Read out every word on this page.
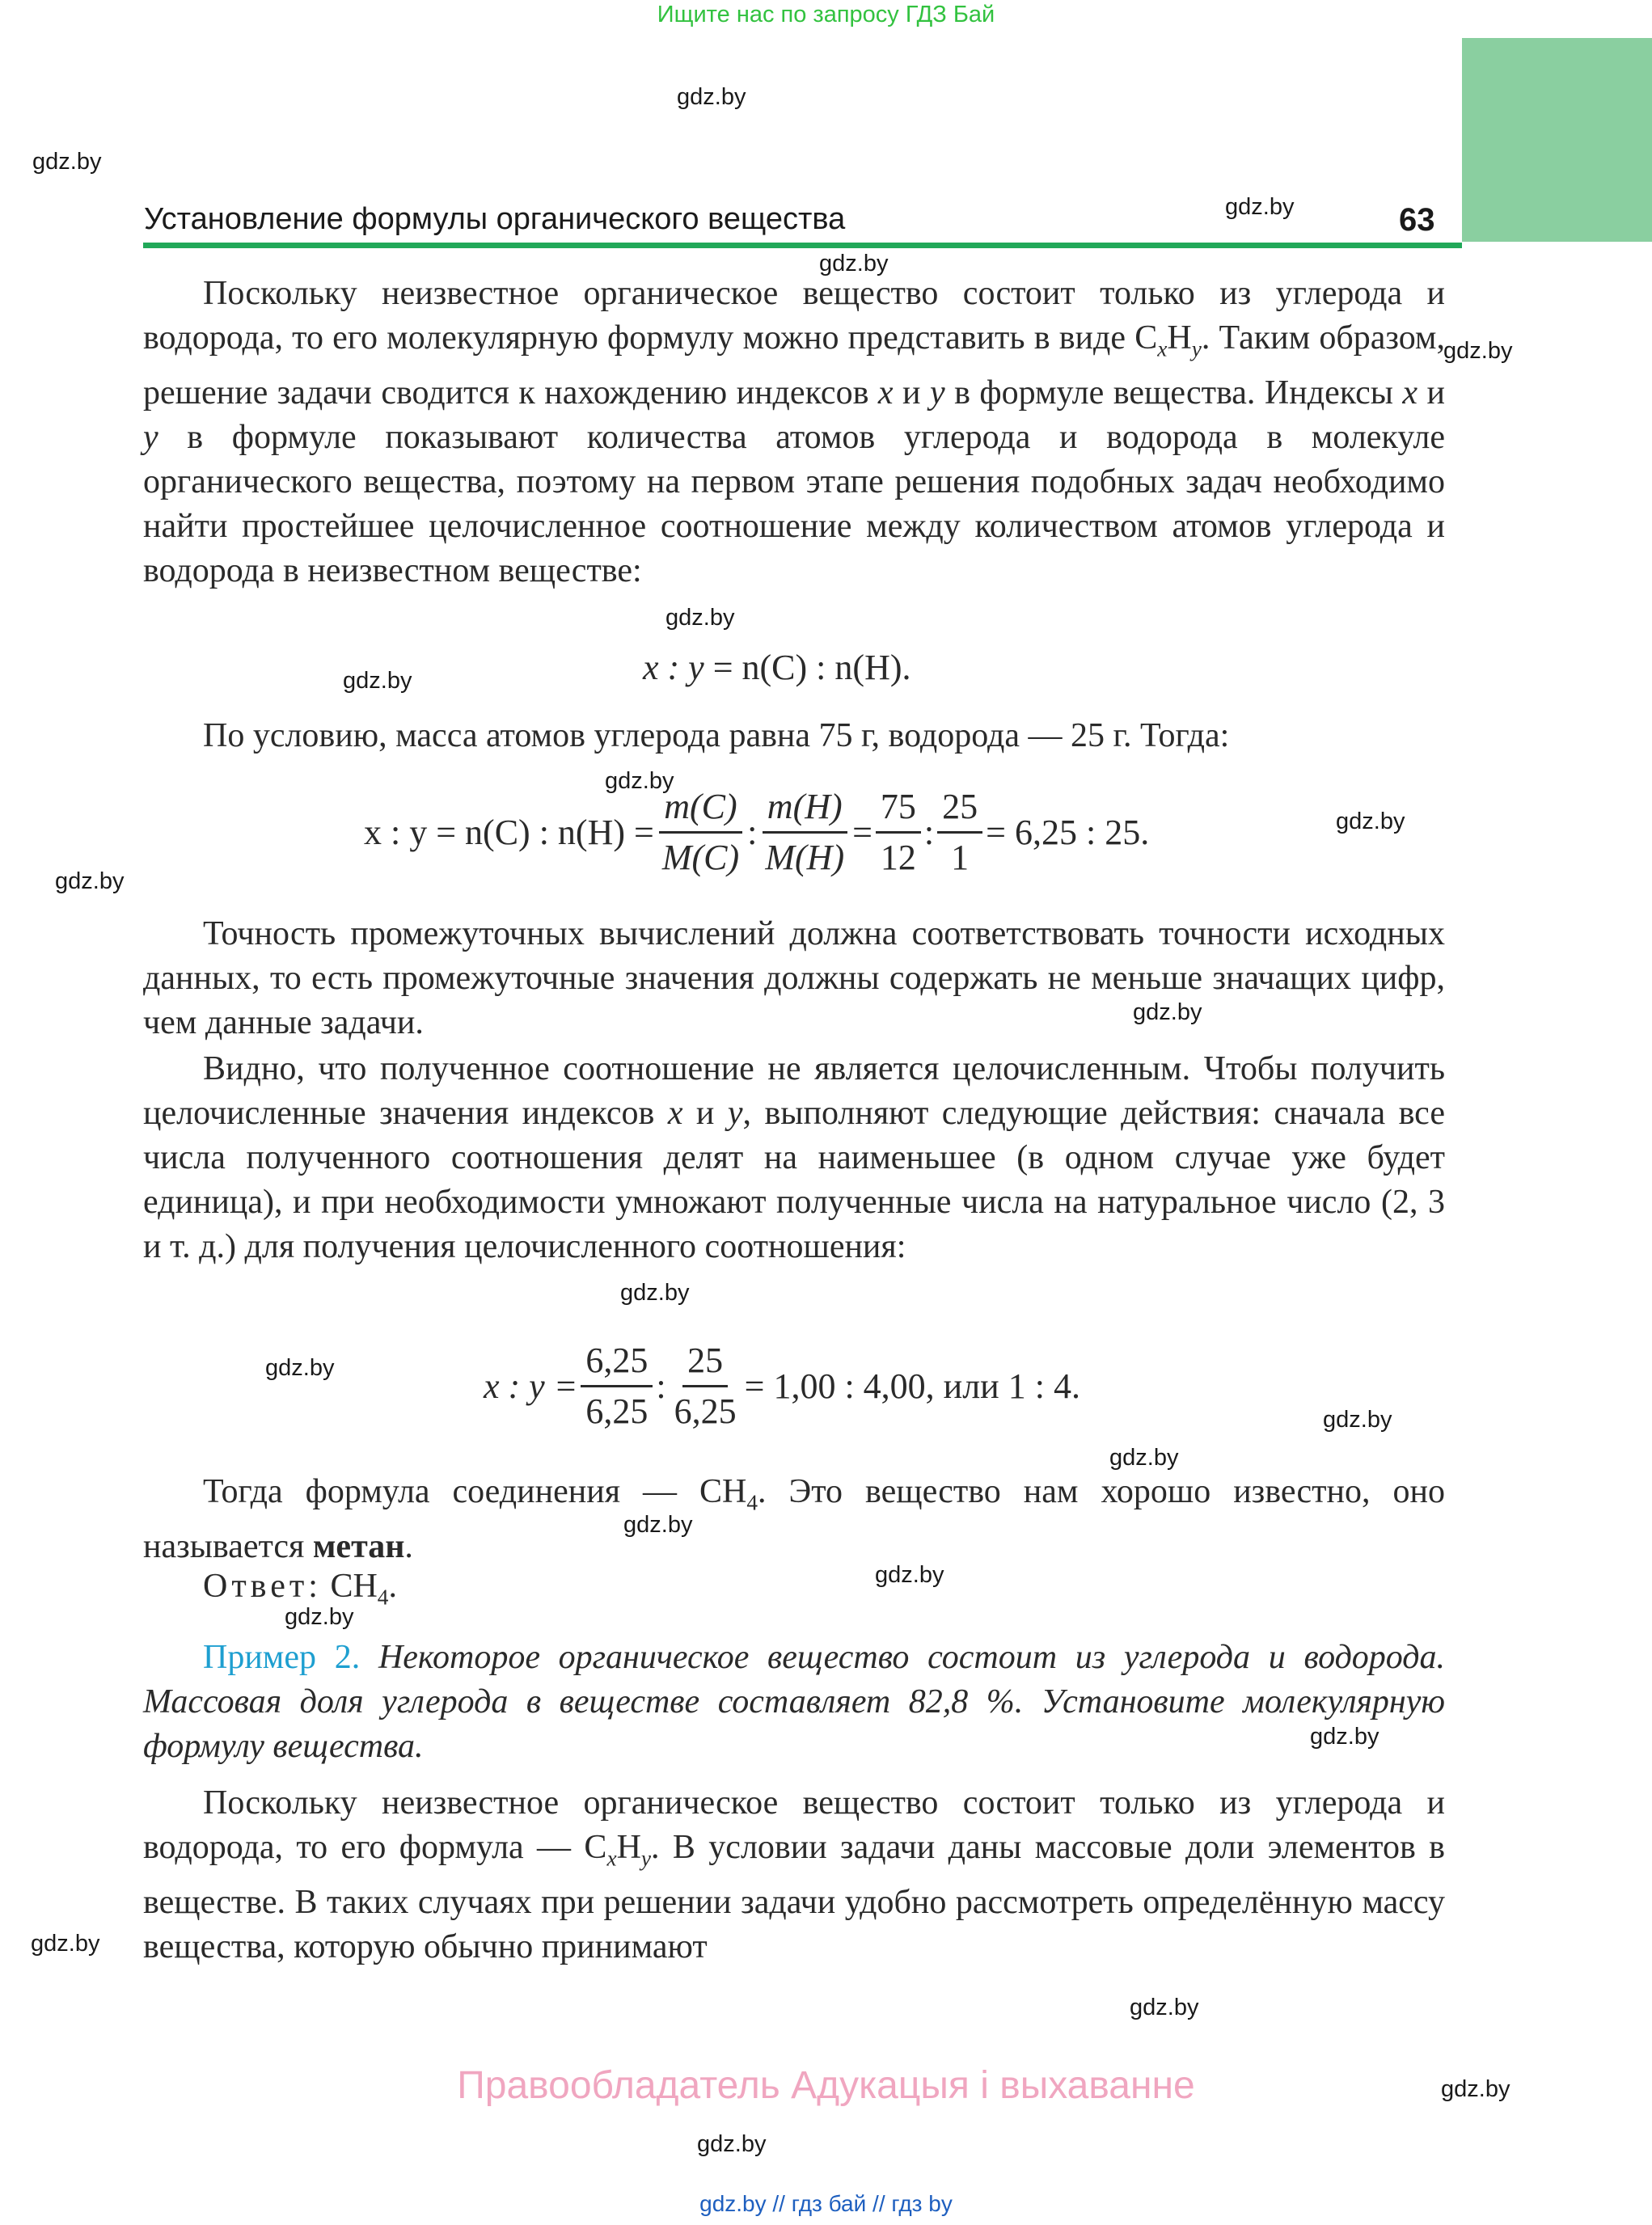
Ищите нас по запросу ГДЗ Бай
Установление формулы органического вещества	63
Поскольку неизвестное органическое вещество состоит только из углерода и водорода, то его молекулярную формулу можно представить в виде $C_xH_y$. Таким образом, решение задачи сводится к нахождению индексов x и y в формуле вещества. Индексы x и y в формуле показывают количества атомов углерода и водорода в молекуле органического вещества, поэтому на первом этапе решения подобных задач необходимо найти простейшее целочисленное соотношение между количеством атомов углерода и водорода в неизвестном веществе:
x : y
= n(C) : n(H).
По условию, масса атомов углерода равна 75 г, водорода — 25 г. Тогда:
x : y = n(C) : $n(H) = \frac{m(C)}{M(C)}$ : $\frac{m(H)}{M(H)} = \frac{75}{12}$ : $\frac{25}{1} = 6,25$ : 25.
Точность промежуточных вычислений должна соответствовать точности исходных данных, то есть промежуточные значения должны содержать не меньше значащих цифр, чем данные задачи.
Видно, что полученное соотношение не является целочисленным. Чтобы получить целочисленные значения индексов x и y, выполняют следующие действия: сначала все числа полученного соотношения делят на наименьшее (в одном случае уже будет единица), и при необходимости умножают полученные числа на натуральное число (2, 3 и т. д.) для получения целочисленного соотношения:
x : $y = \frac{6,25}{6,25}$ : $\frac{25}{6,25} = 1,00$ : 4,00, или 1 : 4.
Тогда формула соединения — $CH_4$. Это вещество нам хорошо известно, оно называется метан.
Ответ: $CH_4$.
Пример 2. Некоторое органическое вещество состоит из углерода и водорода. Массовая доля углерода в веществе составляет 82,8 %. Установите молекулярную формулу вещества.
Поскольку неизвестное органическое вещество состоит только из углерода и водорода, то его формула — $C_xH_y$. В условии задачи даны массовые доли элементов в веществе. В таких случаях при решении задачи удобно рассмотреть определённую массу вещества, которую обычно принимают
gdz.by
gdz.by
gdz.by
gdz.by
gdz.by
gdz.by
gdz.by
gdz.by
gdz.by
gdz.by
gdz.by
gdz.by
gdz.by
gdz.by
gdz.by
gdz.by
gdz.by
gdz.by
gdz.by
gdz.by
gdz.by
gdz.by
gdz.by
Правообладатель Адукацыя і выхаванне
gdz.by // гдз бай // гдз by
